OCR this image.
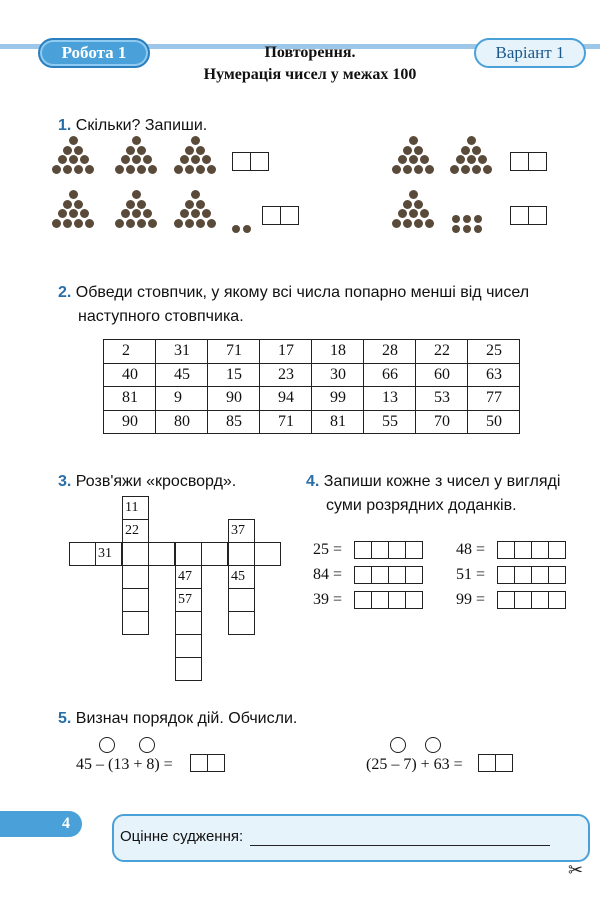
Робота 1	Повторення.
Нумерація чисел у межах 100
Варіант 1
1. Скільки? Запиши.
2. Обведи стовпчик, у якому всі числа попарно менші від чисел
наступного стовпчика.
2	31	71	17	18	28	22	25
40	45	15	23	30	66	60	63
81	9	90	94	99	13	53	77
90	80	85	71	81	55	70	50
3. Розв'яжи «кросворд».
11
22	37
31
47	45
57
4. Запиши кожне з чисел у вигляді
суми розрядних доданків.
25 =
84 =
39 =
48 =
51 =
99 =
5. Визнач порядок дій. Обчисли.
45 – (13 + 8) =	(25 – 7) + 63 =
4
Оцінне судження:
✂
